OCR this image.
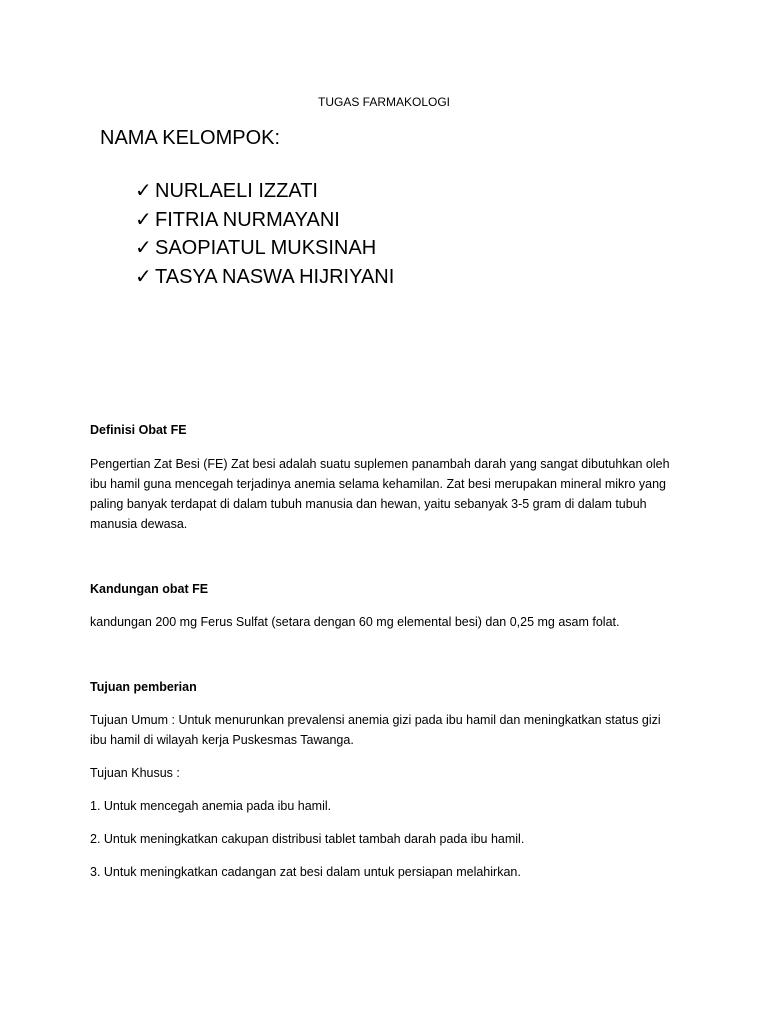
TUGAS FARMAKOLOGI
NAMA KELOMPOK:
✓ NURLAELI IZZATI
✓ FITRIA NURMAYANI
✓ SAOPIATUL MUKSINAH
✓ TASYA NASWA HIJRIYANI
Definisi Obat FE

Pengertian Zat Besi (FE) Zat besi adalah suatu suplemen panambah darah yang sangat dibutuhkan oleh

ibu hamil guna mencegah terjadinya anemia selama kehamilan. Zat besi merupakan mineral mikro yang

paling banyak terdapat di dalam tubuh manusia dan hewan, yaitu sebanyak 3-5 gram di dalam tubuh

manusia dewasa.

Kandungan obat FE

kandungan 200 mg Ferus Sulfat (setara dengan 60 mg elemental besi) dan 0,25 mg asam folat.

Tujuan pemberian

Tujuan Umum : Untuk menurunkan prevalensi anemia gizi pada ibu hamil dan meningkatkan status gizi

ibu hamil di wilayah kerja Puskesmas Tawanga.

Tujuan Khusus :

1. Untuk mencegah anemia pada ibu hamil.

2. Untuk meningkatkan cakupan distribusi tablet tambah darah pada ibu hamil.

3. Untuk meningkatkan cadangan zat besi dalam untuk persiapan melahirkan.
